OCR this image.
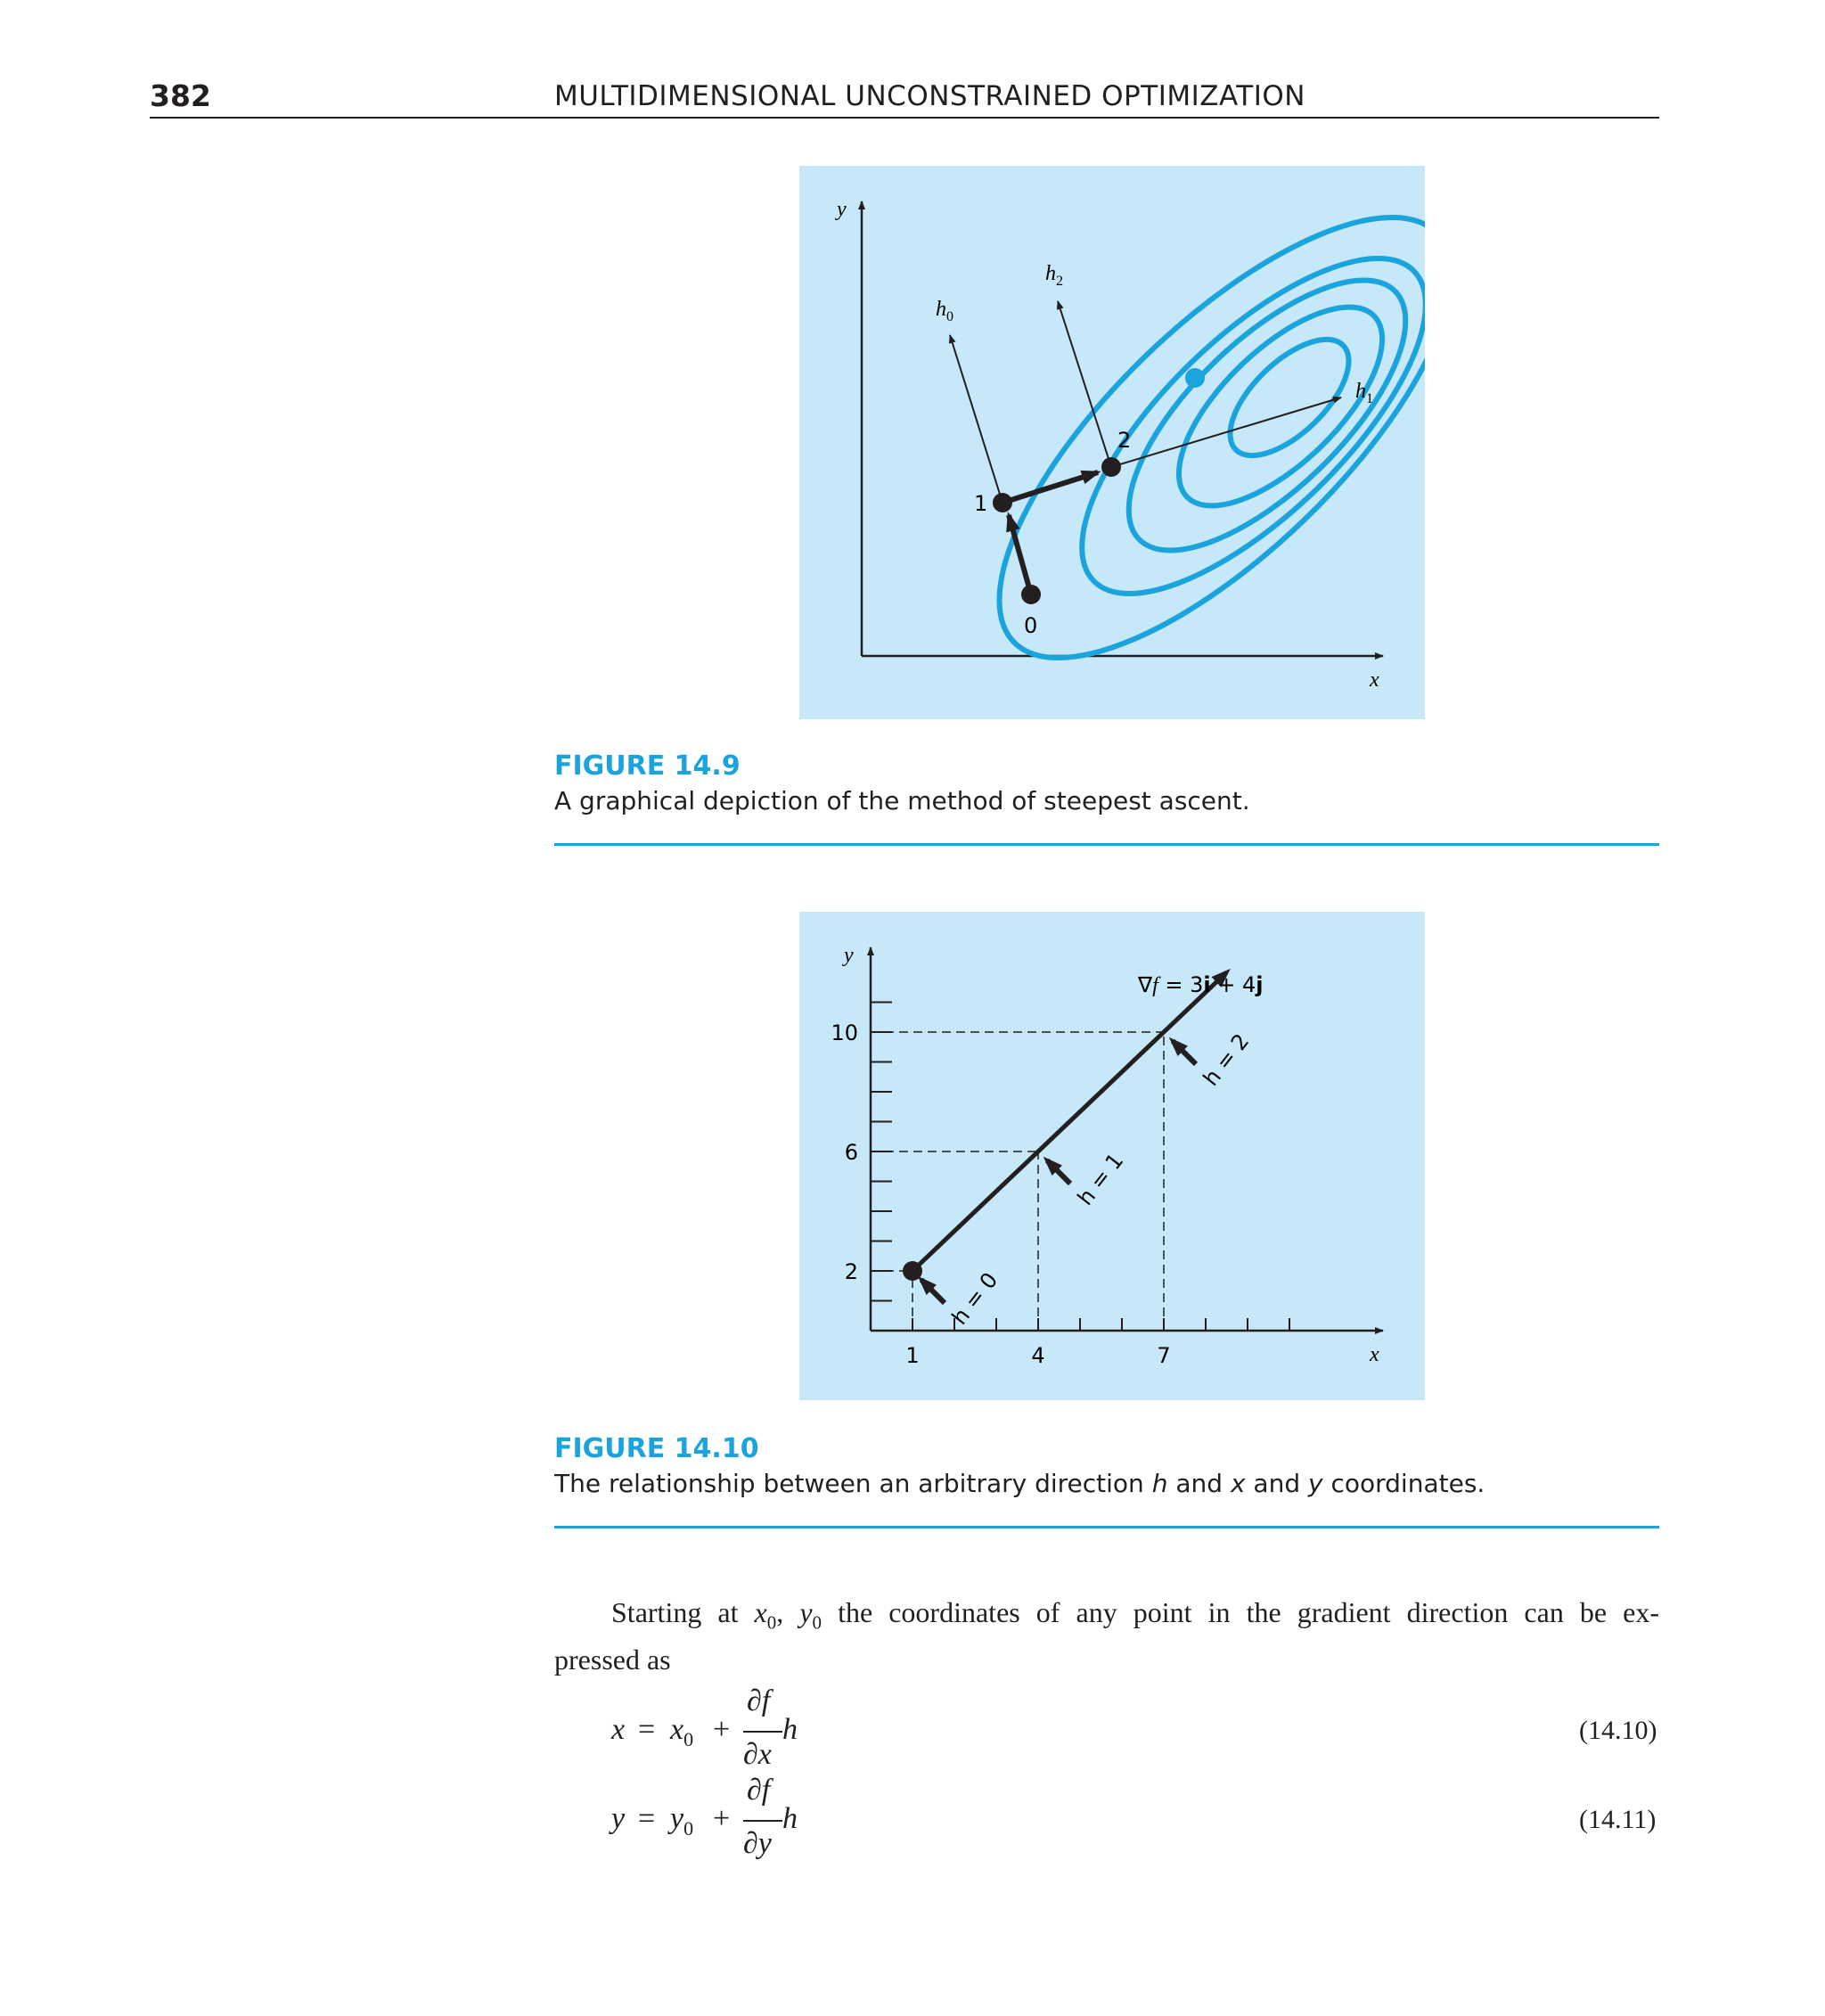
382	MULTIDIMENSIONAL UNCONSTRAINED OPTIMIZATION
y
x
0
1
2
$h_0$
$h_2$
$h_1$
FIGURE 14.9
A graphical depiction of the method of steepest ascent.
y
x
1	4	7
2
6
10
h = 0
h = 1
h = 2
∇f = 3i + 4j
FIGURE 14.10
The relationship between an arbitrary direction h and x and y coordinates.
Starting at $x_0$, $y_0$ the coordinates of any point in the gradient direction can be ex-
pressed as
$x = x_0$ +
∂f
∂x
h	(14.10)
$y = y_0$ +
∂f
∂y
h	(14.11)
